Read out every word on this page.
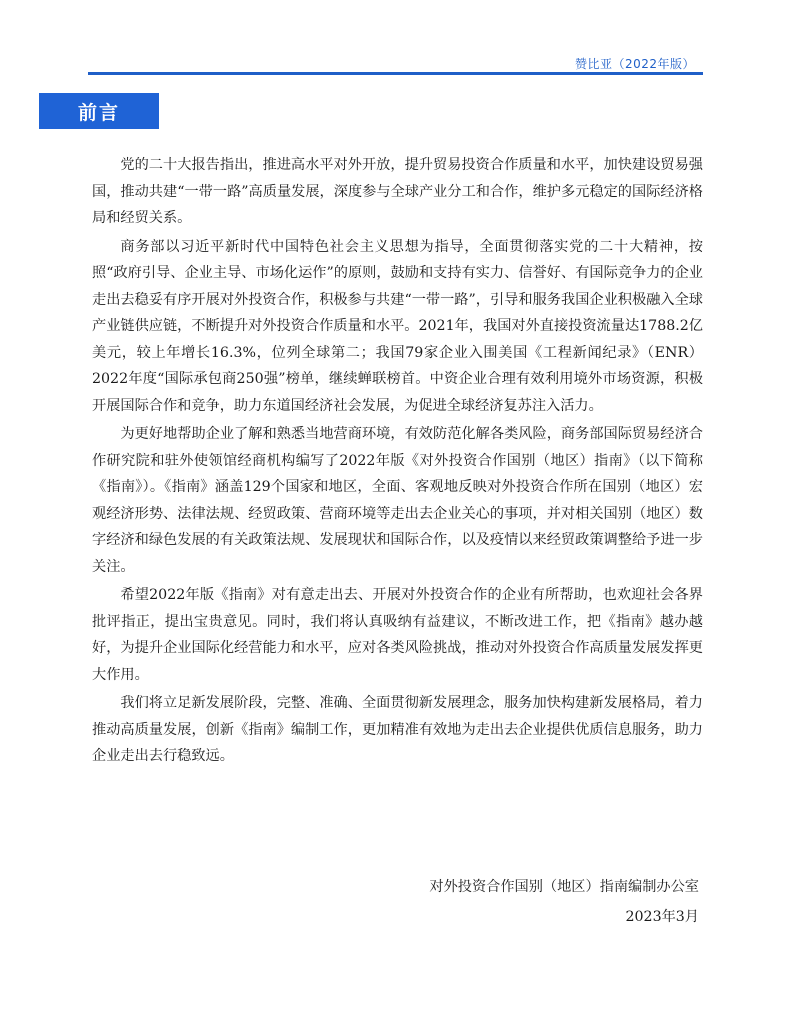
赞比亚（2022年版）
前言

党的二十大报告指出，推进高水平对外开放，提升贸易投资合作质量和水平，加快建设贸易强国，推动共建“一带一路”高质量发展，深度参与全球产业分工和合作，维护多元稳定的国际经济格局和经贸关系。

商务部以习近平新时代中国特色社会主义思想为指导，全面贯彻落实党的二十大精神，按照“政府引导、企业主导、市场化运作”的原则，鼓励和支持有实力、信誉好、有国际竞争力的企业走出去稳妥有序开展对外投资合作，积极参与共建“一带一路”，引导和服务我国企业积极融入全球产业链供应链，不断提升对外投资合作质量和水平。2021年，我国对外直接投资流量达1788.2亿美元，较上年增长16.3%，位列全球第二；我国79家企业入围美国《工程新闻纪录》（ENR）2022年度“国际承包商250强”榜单，继续蝉联榜首。中资企业合理有效利用境外市场资源，积极开展国际合作和竞争，助力东道国经济社会发展，为促进全球经济复苏注入活力。

为更好地帮助企业了解和熟悉当地营商环境，有效防范化解各类风险，商务部国际贸易经济合作研究院和驻外使领馆经商机构编写了2022年版《对外投资合作国别（地区）指南》（以下简称《指南》）。《指南》涵盖129个国家和地区，全面、客观地反映对外投资合作所在国别（地区）宏观经济形势、法律法规、经贸政策、营商环境等走出去企业关心的事项，并对相关国别（地区）数字经济和绿色发展的有关政策法规、发展现状和国际合作，以及疫情以来经贸政策调整给予进一步关注。

希望2022年版《指南》对有意走出去、开展对外投资合作的企业有所帮助，也欢迎社会各界批评指正，提出宝贵意见。同时，我们将认真吸纳有益建议，不断改进工作，把《指南》越办越好，为提升企业国际化经营能力和水平，应对各类风险挑战，推动对外投资合作高质量发展发挥更大作用。

我们将立足新发展阶段，完整、准确、全面贯彻新发展理念，服务加快构建新发展格局，着力推动高质量发展，创新《指南》编制工作，更加精准有效地为走出去企业提供优质信息服务，助力企业走出去行稳致远。

对外投资合作国别（地区）指南编制办公室
2023年3月
